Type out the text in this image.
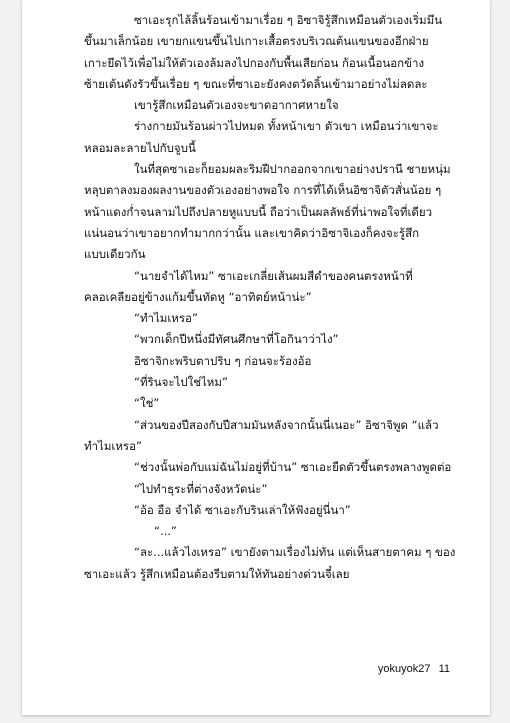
ซาเอะรุกไล้ลิ้นร้อนเข้ามาเรื่อย ๆ อิซาจิรู้สึกเหมือนตัวเองเริ่มมึน
ขึ้นมาเล็กน้อย เขายกแขนขึ้นไปเกาะเสื้อตรงบริเวณต้นแขนของอีกฝ่าย
เกาะยึดไว้เพื่อไม่ให้ตัวเองล้มลงไปกองกับพื้นเสียก่อน ก้อนเนื้อนอกข้าง
ซ้ายเต้นดังรัวขึ้นเรื่อย ๆ ขณะที่ซาเอะยังคงตวัดลิ้นเข้ามาอย่างไม่ลดละ
เขารู้สึกเหมือนตัวเองจะขาดอากาศหายใจ
ร่างกายมันร้อนผ่าวไปหมด ทั้งหน้าเขา ตัวเขา เหมือนว่าเขาจะ
หลอมละลายไปกับจูบนี้
ในที่สุดซาเอะก็ยอมผละริมฝีปากออกจากเขาอย่างปรานี ชายหนุ่ม
หลุบตาลงมองผลงานของตัวเองอย่างพอใจ การที่ได้เห็นอิซาจิตัวสั่นน้อย ๆ
หน้าแดงก่ำจนลามไปถึงปลายหูแบบนี้ ถือว่าเป็นผลลัพธ์ที่น่าพอใจที่เดียว
แน่นอนว่าเขาอยากทำมากกว่านั้น และเขาคิดว่าอิซาจิเองก็คงจะรู้สึก
แบบเดียวกัน
“นายจำได้ไหม” ซาเอะเกลี่ยเส้นผมสีดำของคนตรงหน้าที่
คลอเคลียอยู่ข้างแก้มขึ้นทัดหู “อาทิตย์หน้าน่ะ”
“ทำไมเหรอ”
“พวกเด็กปีหนึ่งมีทัศนศึกษาที่โอกินาว่าไง”
อิซาจิกะพริบตาปริบ ๆ ก่อนจะร้องอ้อ
“ที่รินจะไปใช่ไหม”
“ใช่”
“ส่วนของปีสองกับปีสามมันหลังจากนั้นนี่เนอะ” อิซาจิพูด “แล้ว
ทำไมเหรอ”
“ช่วงนั้นพ่อกับแม่ฉันไม่อยู่ที่บ้าน” ซาเอะยืดตัวขึ้นตรงพลางพูดต่อ
“ไปทำธุระที่ต่างจังหวัดน่ะ”
“อ้อ อือ จำได้ ซาเอะกับรินเล่าให้ฟังอยู่นี่นา”
“...”
“ละ...แล้วไงเหรอ” เขายังตามเรื่องไม่ทัน แต่เห็นสายตาคม ๆ ของ
ซาเอะแล้ว รู้สึกเหมือนต้องรีบตามให้ทันอย่างด่วนจี๋เลย
yokuyok27 11
